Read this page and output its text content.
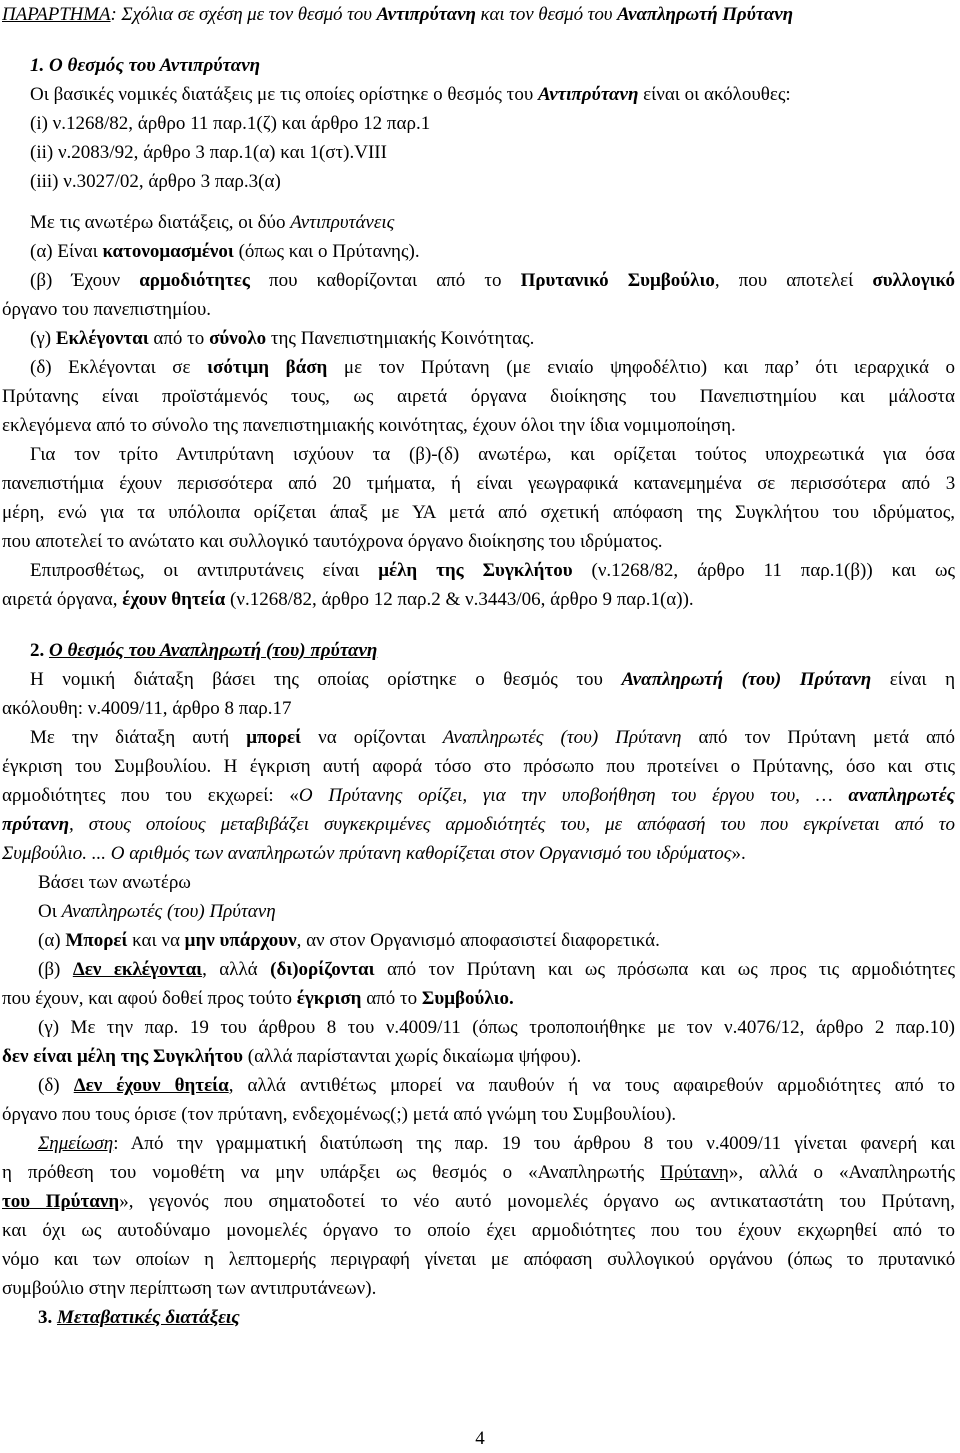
ΠΑΡΑΡΤΗΜΑ: Σχόλια σε σχέση με τον θεσμό του Αντιπρύτανη και τον θεσμό του Αναπληρωτή Πρύτανη

1. Ο θεσμός του Αντιπρύτανη

Οι βασικές νομικές διατάξεις με τις οποίες ορίστηκε ο θεσμός του Αντιπρύτανη είναι οι ακόλουθες:

(i) ν.1268/82, άρθρο 11 παρ.1(ζ) και άρθρο 12 παρ.1

(ii) ν.2083/92, άρθρο 3 παρ.1(α) και 1(στ).VIII

(iii) ν.3027/02, άρθρο 3 παρ.3(α)

Με τις ανωτέρω διατάξεις, οι δύο Αντιπρυτάνεις

(α) Είναι κατονομασμένοι (όπως και ο Πρύτανης).

(β) Έχουν αρμοδιότητες που καθορίζονται από το Πρυτανικό Συμβούλιο, που αποτελεί συλλογικό

όργανο του πανεπιστημίου.

(γ) Εκλέγονται από το σύνολο της Πανεπιστημιακής Κοινότητας.

(δ) Εκλέγονται σε ισότιμη βάση με τον Πρύτανη (με ενιαίο ψηφοδέλτιο) και παρ’ ότι ιεραρχικά ο

Πρύτανης είναι προϊστάμενός τους, ως αιρετά όργανα διοίκησης του Πανεπιστημίου και μάλοστα

εκλεγόμενα από το σύνολο της πανεπιστημιακής κοινότητας, έχουν όλοι την ίδια νομιμοποίηση.

Για τον τρίτο Αντιπρύτανη ισχύουν τα (β)-(δ) ανωτέρω, και ορίζεται τούτος υποχρεωτικά για όσα

πανεπιστήμια έχουν περισσότερα από 20 τμήματα, ή είναι γεωγραφικά κατανεμημένα σε περισσότερα από 3

μέρη, ενώ για τα υπόλοιπα ορίζεται άπαξ με ΥΑ μετά από σχετική απόφαση της Συγκλήτου του ιδρύματος,

που αποτελεί το ανώτατο και συλλογικό ταυτόχρονα όργανο διοίκησης του ιδρύματος.

Επιπροσθέτως, οι αντιπρυτάνεις είναι μέλη της Συγκλήτου (ν.1268/82, άρθρο 11 παρ.1(β)) και ως

αιρετά όργανα, έχουν θητεία (ν.1268/82, άρθρο 12 παρ.2 & ν.3443/06, άρθρο 9 παρ.1(α)).

2. Ο θεσμός του Αναπληρωτή (του) πρύτανη

Η νομική διάταξη βάσει της οποίας ορίστηκε ο θεσμός του Αναπληρωτή (του) Πρύτανη είναι η

ακόλουθη: ν.4009/11, άρθρο 8 παρ.17

Με την διάταξη αυτή μπορεί να ορίζονται Αναπληρωτές (του) Πρύτανη από τον Πρύτανη μετά από

έγκριση του Συμβουλίου. Η έγκριση αυτή αφορά τόσο στο πρόσωπο που προτείνει ο Πρύτανης, όσο και στις

αρμοδιότητες που του εκχωρεί: «Ο Πρύτανης ορίζει, για την υποβοήθηση του έργου του, … αναπληρωτές

πρύτανη, στους οποίους μεταβιβάζει συγκεκριμένες αρμοδιότητές του, με απόφασή του που εγκρίνεται από το

Συμβούλιο. ... Ο αριθμός των αναπληρωτών πρύτανη καθορίζεται στον Οργανισμό του ιδρύματος».

Βάσει των ανωτέρω

Οι Αναπληρωτές (του) Πρύτανη

(α) Μπορεί και να μην υπάρχουν, αν στον Οργανισμό αποφασιστεί διαφορετικά.

(β) Δεν εκλέγονται, αλλά (δι)ορίζονται από τον Πρύτανη και ως πρόσωπα και ως προς τις αρμοδιότητες

που έχουν, και αφού δοθεί προς τούτο έγκριση από το Συμβούλιο.

(γ) Με την παρ. 19 του άρθρου 8 του ν.4009/11 (όπως τροποποιήθηκε με τον ν.4076/12, άρθρο 2 παρ.10)

δεν είναι μέλη της Συγκλήτου (αλλά παρίστανται χωρίς δικαίωμα ψήφου).

(δ) Δεν έχουν θητεία, αλλά αντιθέτως μπορεί να παυθούν ή να τους αφαιρεθούν αρμοδιότητες από το

όργανο που τους όρισε (τον πρύτανη, ενδεχομένως(;) μετά από γνώμη του Συμβουλίου).

Σημείωση: Από την γραμματική διατύπωση της παρ. 19 του άρθρου 8 του ν.4009/11 γίνεται φανερή και

η πρόθεση του νομοθέτη να μην υπάρξει ως θεσμός ο «Αναπληρωτής Πρύτανη», αλλά ο «Αναπληρωτής

του Πρύτανη», γεγονός που σηματοδοτεί το νέο αυτό μονομελές όργανο ως αντικαταστάτη του Πρύτανη,

και όχι ως αυτοδύναμο μονομελές όργανο το οποίο έχει αρμοδιότητες που του έχουν εκχωρηθεί από το

νόμο και των οποίων η λεπτομερής περιγραφή γίνεται με απόφαση συλλογικού οργάνου (όπως το πρυτανικό

συμβούλιο στην περίπτωση των αντιπρυτάνεων).

3. Μεταβατικές διατάξεις

4
